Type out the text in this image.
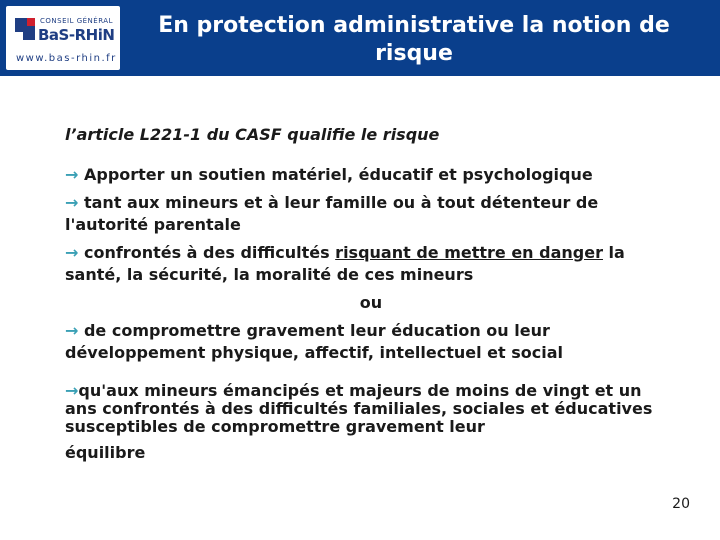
CONSEIL GÉNÉRAL
BaS-RHiN
www.bas-rhin.fr
En protection administrative la notion de risque

l’article L221-1 du CASF qualifie le risque

→ Apporter un soutien matériel, éducatif et psychologique

→ tant aux mineurs et à leur famille ou à tout détenteur de l'autorité parentale

→ confrontés à des difficultés risquant de mettre en danger la santé, la sécurité, la moralité de ces mineurs

ou

→ de compromettre gravement leur éducation ou leur développement physique, affectif, intellectuel et social

→qu'aux mineurs émancipés et majeurs de moins de vingt et un ans confrontés à des difficultés familiales, sociales et éducatives susceptibles de compromettre gravement leur

équilibre

20
